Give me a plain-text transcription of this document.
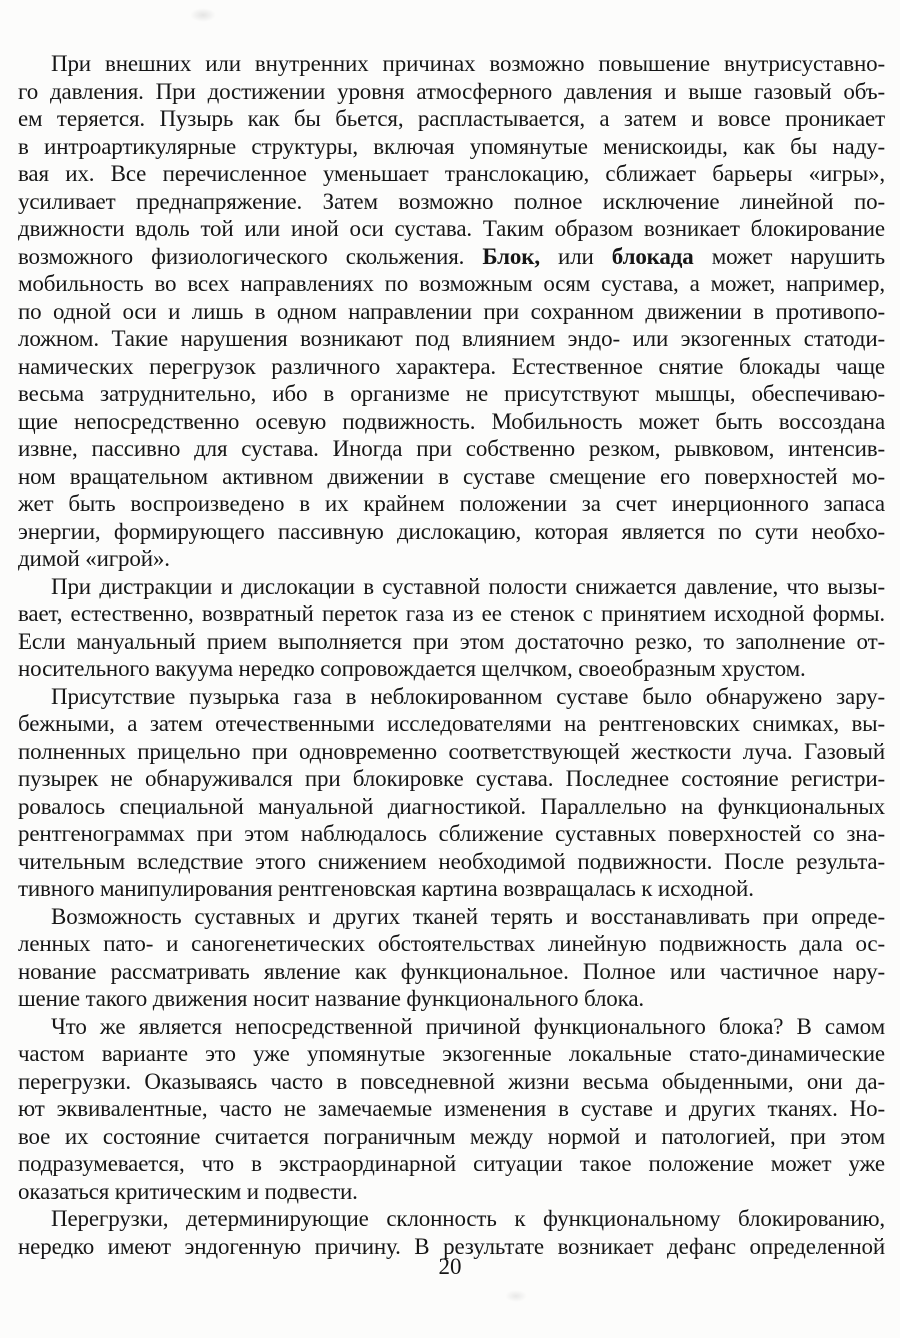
При внешних или внутренних причинах возможно повышение внутрисуставно-
го давления. При достижении уровня атмосферного давления и выше газовый объ-
ем теряется. Пузырь как бы бьется, распластывается, а затем и вовсе проникает
в интроартикулярные структуры, включая упомянутые менискоиды, как бы наду-
вая их. Все перечисленное уменьшает транслокацию, сближает барьеры «игры»,
усиливает преднапряжение. Затем возможно полное исключение линейной по-
движности вдоль той или иной оси сустава. Таким образом возникает блокирование
возможного физиологического скольжения. Блок, или блокада может нарушить
мобильность во всех направлениях по возможным осям сустава, а может, например,
по одной оси и лишь в одном направлении при сохранном движении в противопо-
ложном. Такие нарушения возникают под влиянием эндо- или экзогенных статоди-
намических перегрузок различного характера. Естественное снятие блокады чаще
весьма затруднительно, ибо в организме не присутствуют мышцы, обеспечиваю-
щие непосредственно осевую подвижность. Мобильность может быть воссоздана
извне, пассивно для сустава. Иногда при собственно резком, рывковом, интенсив-
ном вращательном активном движении в суставе смещение его поверхностей мо-
жет быть воспроизведено в их крайнем положении за счет инерционного запаса
энергии, формирующего пассивную дислокацию, которая является по сути необхо-
димой «игрой».
При дистракции и дислокации в суставной полости снижается давление, что вызы-
вает, естественно, возвратный переток газа из ее стенок с принятием исходной формы.
Если мануальный прием выполняется при этом достаточно резко, то заполнение от-
носительного вакуума нередко сопровождается щелчком, своеобразным хрустом.
Присутствие пузырька газа в неблокированном суставе было обнаружено зару-
бежными, а затем отечественными исследователями на рентгеновских снимках, вы-
полненных прицельно при одновременно соответствующей жесткости луча. Газовый
пузырек не обнаруживался при блокировке сустава. Последнее состояние регистри-
ровалось специальной мануальной диагностикой. Параллельно на функциональных
рентгенограммах при этом наблюдалось сближение суставных поверхностей со зна-
чительным вследствие этого снижением необходимой подвижности. После результа-
тивного манипулирования рентгеновская картина возвращалась к исходной.
Возможность суставных и других тканей терять и восстанавливать при опреде-
ленных пато- и саногенетических обстоятельствах линейную подвижность дала ос-
нование рассматривать явление как функциональное. Полное или частичное нару-
шение такого движения носит название функционального блока.
Что же является непосредственной причиной функционального блока? В самом
частом варианте это уже упомянутые экзогенные локальные стато-динамические
перегрузки. Оказываясь часто в повседневной жизни весьма обыденными, они да-
ют эквивалентные, часто не замечаемые изменения в суставе и других тканях. Но-
вое их состояние считается пограничным между нормой и патологией, при этом
подразумевается, что в экстраординарной ситуации такое положение может уже
оказаться критическим и подвести.
Перегрузки, детерминирующие склонность к функциональному блокированию,
нередко имеют эндогенную причину. В результате возникает дефанс определенной
20
